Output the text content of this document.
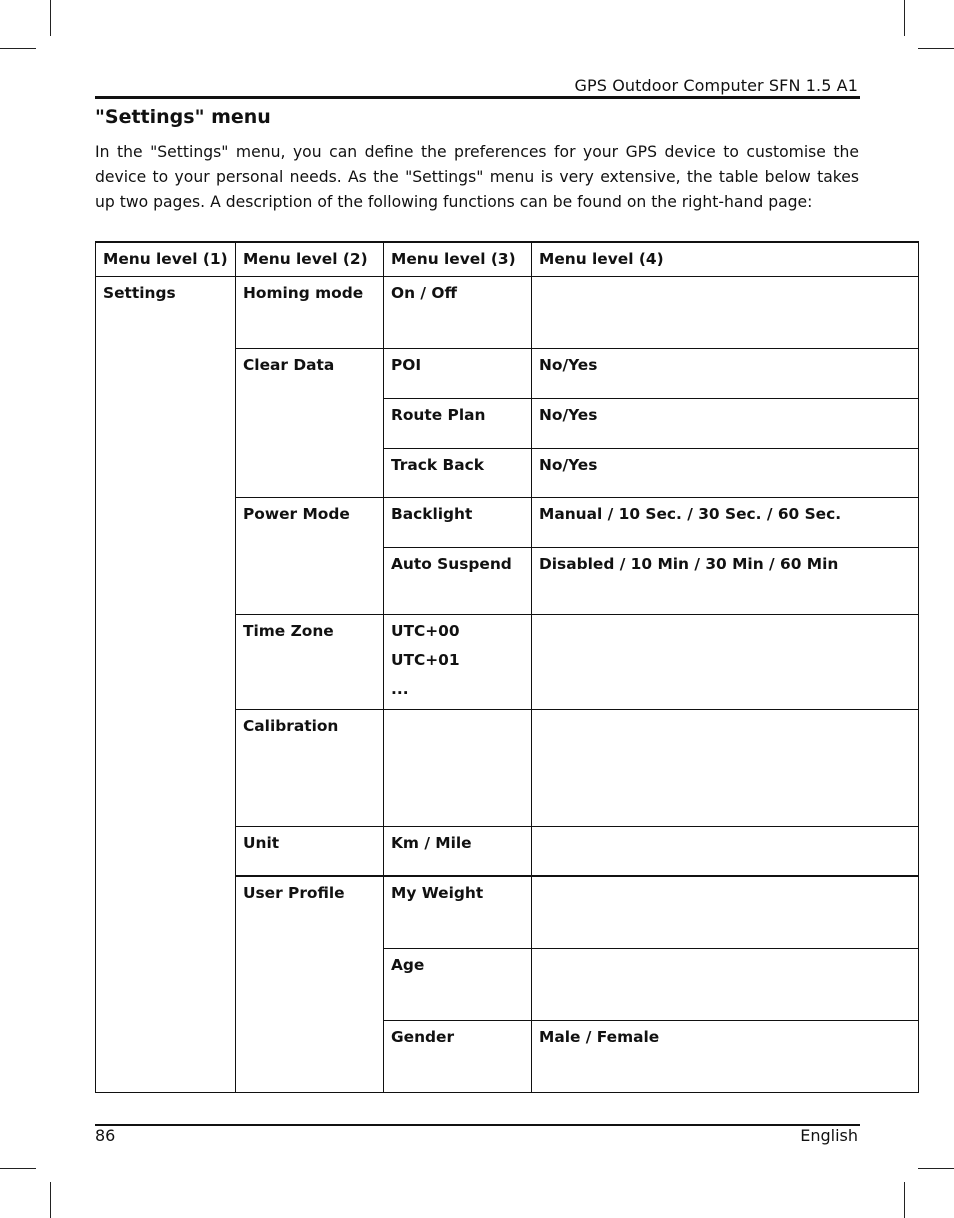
GPS Outdoor Computer SFN 1.5 A1
"Settings" menu
In the "Settings" menu, you can define the preferences for your GPS device to customise the device to your personal needs. As the "Settings" menu is very extensive, the table below takes up two pages. A description of the following functions can be found on the right-hand page:
Menu level (1)	Menu level (2)	Menu level (3)	Menu level (4)
Settings	Homing mode	On / Off	
	Clear Data	POI	No/Yes
		Route Plan	No/Yes
		Track Back	No/Yes
	Power Mode	Backlight	Manual / 10 Sec. / 30 Sec. / 60 Sec.
		Auto Suspend	Disabled / 10 Min / 30 Min / 60 Min
	Time Zone	UTC+00
UTC+01
...	

	Calibration		
	Unit	Km / Mile	
	User Profile	My Weight	
		Age	
		Gender	Male / Female
86	English
